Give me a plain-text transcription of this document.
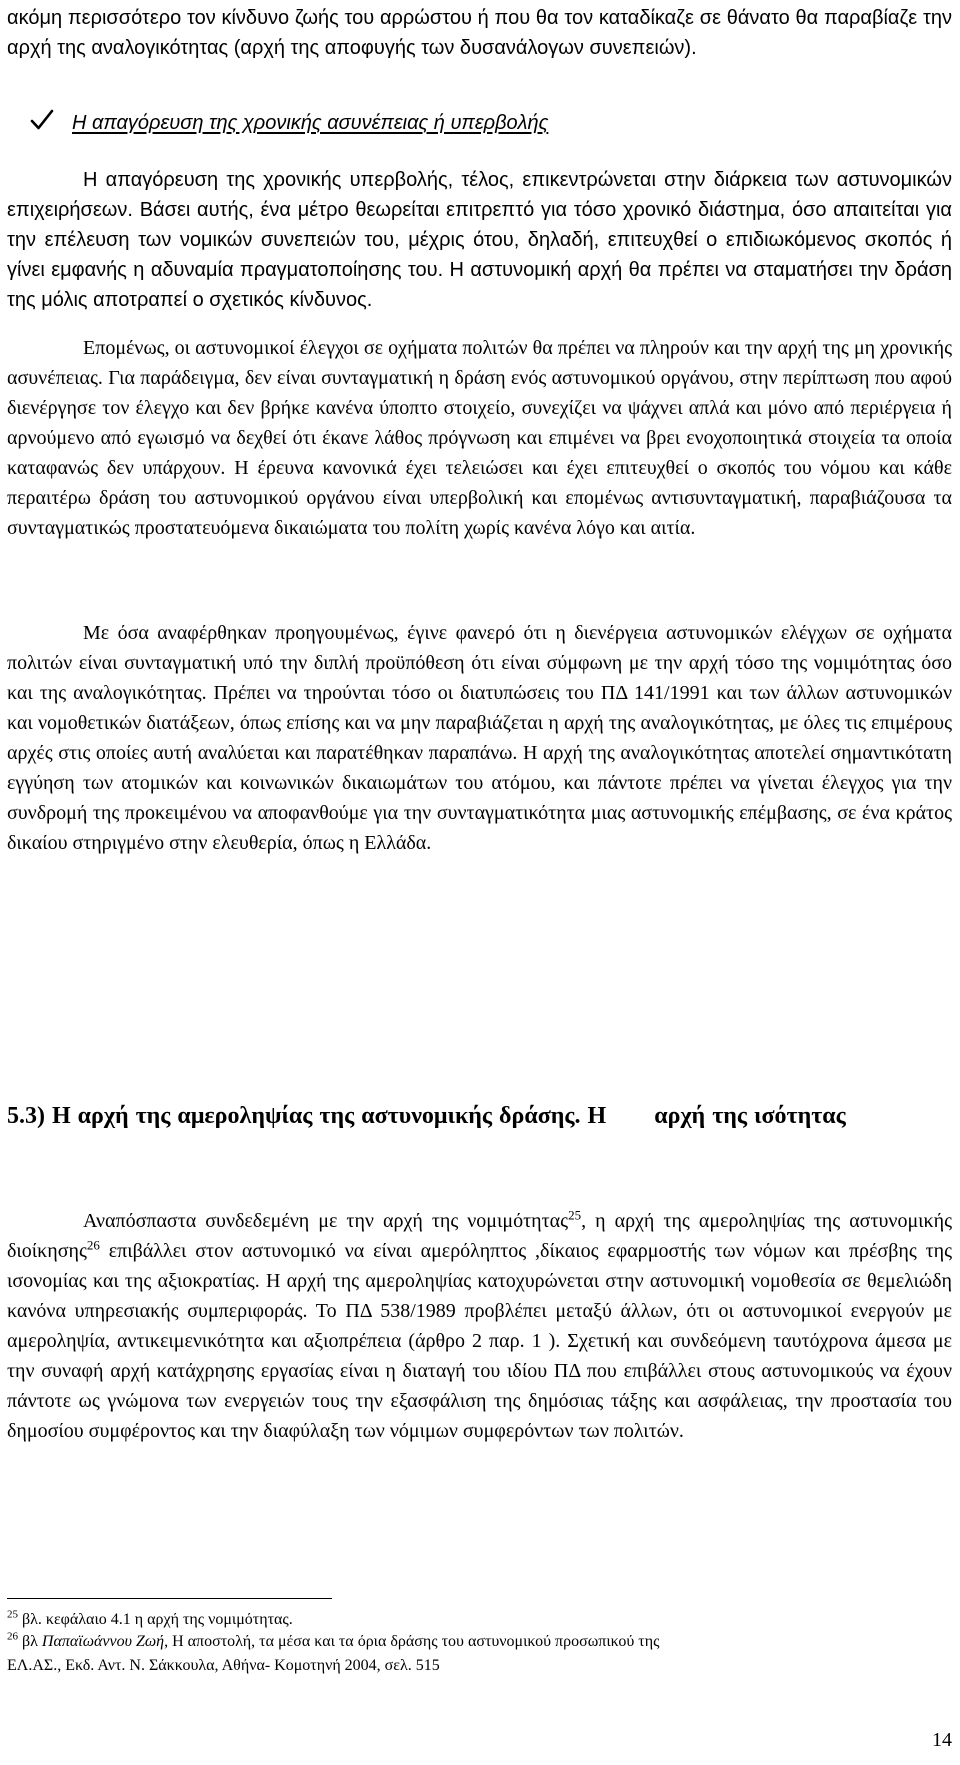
ακόμη περισσότερο τον κίνδυνο ζωής του αρρώστου ή που θα τον καταδίκαζε σε θάνατο θα παραβίαζε την αρχή της αναλογικότητας (αρχή της αποφυγής των δυσανάλογων συνεπειών).

Η απαγόρευση της χρονικής ασυνέπειας ή υπερβολής

Η απαγόρευση της χρονικής υπερβολής, τέλος, επικεντρώνεται στην διάρκεια των αστυνομικών επιχειρήσεων. Βάσει αυτής, ένα μέτρο θεωρείται επιτρεπτό για τόσο χρονικό διάστημα, όσο απαιτείται για την επέλευση των νομικών συνεπειών του, μέχρις ότου, δηλαδή, επιτευχθεί ο επιδιωκόμενος σκοπός ή γίνει εμφανής η αδυναμία πραγματοποίησης του. Η αστυνομική αρχή θα πρέπει να σταματήσει την δράση της μόλις αποτραπεί ο σχετικός κίνδυνος.

Επομένως, οι αστυνομικοί έλεγχοι σε οχήματα πολιτών θα πρέπει να πληρούν και την αρχή της μη χρονικής ασυνέπειας. Για παράδειγμα, δεν είναι συνταγματική η δράση ενός αστυνομικού οργάνου, στην περίπτωση που αφού διενέργησε τον έλεγχο και δεν βρήκε κανένα ύποπτο στοιχείο, συνεχίζει να ψάχνει απλά και μόνο από περιέργεια ή αρνούμενο από εγωισμό να δεχθεί ότι έκανε λάθος πρόγνωση και επιμένει να βρει ενοχοποιητικά στοιχεία τα οποία καταφανώς δεν υπάρχουν. Η έρευνα κανονικά έχει τελειώσει και έχει επιτευχθεί ο σκοπός του νόμου και κάθε περαιτέρω δράση του αστυνομικού οργάνου είναι υπερβολική και επομένως αντισυνταγματική, παραβιάζουσα τα συνταγματικώς προστατευόμενα δικαιώματα του πολίτη χωρίς κανένα λόγο και αιτία.

Με όσα αναφέρθηκαν προηγουμένως, έγινε φανερό ότι η διενέργεια αστυνομικών ελέγχων σε οχήματα πολιτών είναι συνταγματική υπό την διπλή προϋπόθεση ότι είναι σύμφωνη με την αρχή τόσο της νομιμότητας όσο και της αναλογικότητας. Πρέπει να τηρούνται τόσο οι διατυπώσεις του ΠΔ 141/1991 και των άλλων αστυνομικών και νομοθετικών διατάξεων, όπως επίσης και να μην παραβιάζεται η αρχή της αναλογικότητας, με όλες τις επιμέρους αρχές στις οποίες αυτή αναλύεται και παρατέθηκαν παραπάνω. Η αρχή της αναλογικότητας αποτελεί σημαντικότατη εγγύηση των ατομικών και κοινωνικών δικαιωμάτων του ατόμου, και πάντοτε πρέπει να γίνεται έλεγχος για την συνδρομή της προκειμένου να αποφανθούμε για την συνταγματικότητα μιας αστυνομικής επέμβασης, σε ένα κράτος δικαίου στηριγμένο στην ελευθερία, όπως η Ελλάδα.

5.3) Η αρχή της αμεροληψίας της αστυνομικής δράσης. Η αρχή της ισότητας

Αναπόσπαστα συνδεδεμένη με την αρχή της νομιμότητας$^{25}$, η αρχή της αμεροληψίας της αστυνομικής διοίκησης$^{26}$ επιβάλλει στον αστυνομικό να είναι αμερόληπτος ,δίκαιος εφαρμοστής των νόμων και πρέσβης της ισονομίας και της αξιοκρατίας. Η αρχή της αμεροληψίας κατοχυρώνεται στην αστυνομική νομοθεσία σε θεμελιώδη κανόνα υπηρεσιακής συμπεριφοράς. Το ΠΔ 538/1989 προβλέπει μεταξύ άλλων, ότι οι αστυνομικοί ενεργούν με αμεροληψία, αντικειμενικότητα και αξιοπρέπεια (άρθρο 2 παρ. 1 ). Σχετική και συνδεόμενη ταυτόχρονα άμεσα με την συναφή αρχή κατάχρησης εργασίας είναι η διαταγή του ιδίου ΠΔ που επιβάλλει στους αστυνομικούς να έχουν πάντοτε ως γνώμονα των ενεργειών τους την εξασφάλιση της δημόσιας τάξης και ασφάλειας, την προστασία του δημοσίου συμφέροντος και την διαφύλαξη των νόμιμων συμφερόντων των πολιτών.

$^{25}$ βλ. κεφάλαιο 4.1 η αρχή της νομιμότητας.

$^{26}$ βλ Παπαϊωάννου Ζωή, Η αποστολή, τα μέσα και τα όρια δράσης του αστυνομικού προσωπικού της

ΕΛ.ΑΣ., Εκδ. Αντ. Ν. Σάκκουλα, Αθήνα- Κομοτηνή 2004, σελ. 515

14
